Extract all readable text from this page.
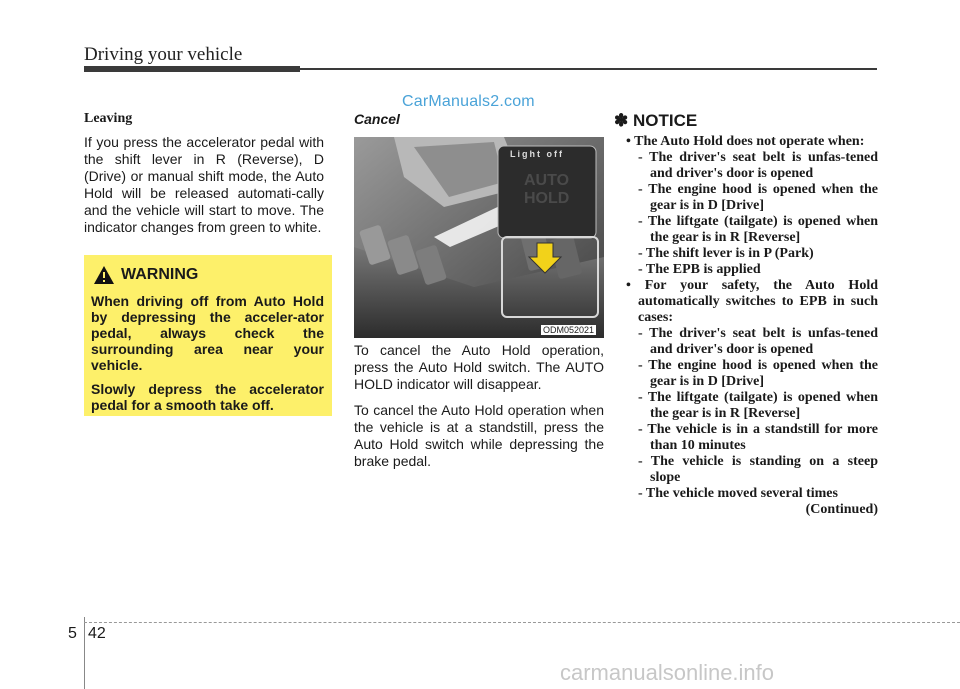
Driving your vehicle
CarManuals2.com

Leaving

If you press the accelerator pedal with the shift lever in R (Reverse), D (Drive) or manual shift mode, the Auto Hold will be released automati-cally and the vehicle will start to move. The indicator changes from green to white.

WARNING

When driving off from Auto Hold by depressing the acceler-ator pedal, always check the surrounding area near your vehicle.

Slowly depress the accelerator pedal for a smooth take off.

Cancel

Light off
AUTO
HOLD
ODM052021

To cancel the Auto Hold operation, press the Auto Hold switch. The AUTO HOLD indicator will disappear.

To cancel the Auto Hold operation when the vehicle is at a standstill, press the Auto Hold switch while depressing the brake pedal.

✽ NOTICE

• The Auto Hold does not operate when:
- The driver's seat belt is unfas-tened and driver's door is opened
- The engine hood is opened when the gear is in D [Drive]
- The liftgate (tailgate) is opened when the gear is in R [Reverse]
- The shift lever is in P (Park)
- The EPB is applied
• For your safety, the Auto Hold automatically switches to EPB in such cases:
- The driver's seat belt is unfas-tened and driver's door is opened
- The engine hood is opened when the gear is in D [Drive]
- The liftgate (tailgate) is opened when the gear is in R [Reverse]
- The vehicle is in a standstill for more than 10 minutes
- The vehicle is standing on a steep slope
- The vehicle moved several times
(Continued)
5 42
carmanualsonline.info
